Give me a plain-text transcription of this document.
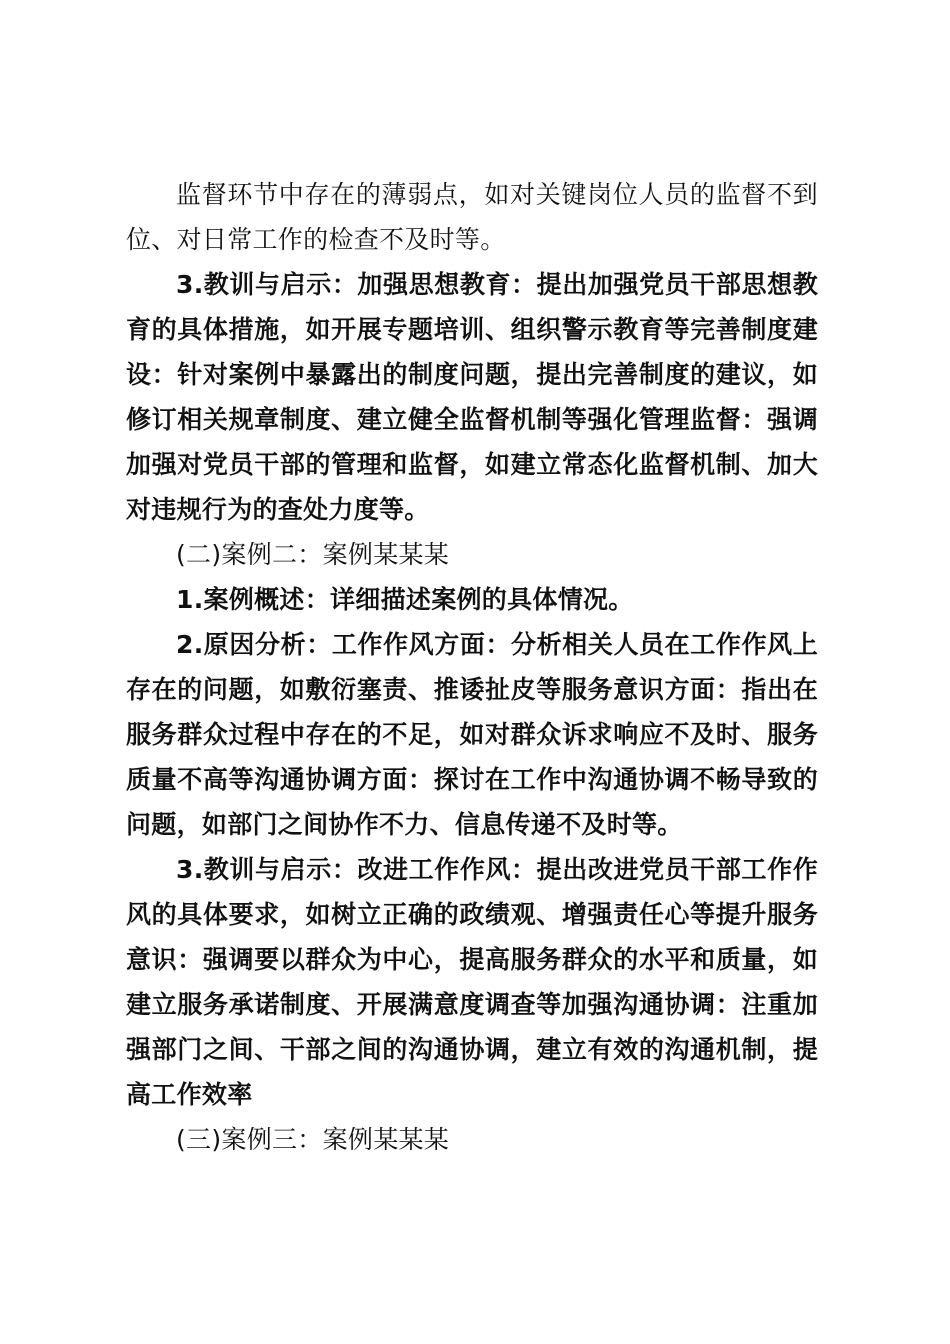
监督环节中存在的薄弱点，如对关键岗位人员的监督不到位、对日常工作的检查不及时等。

3.教训与启示：加强思想教育：提出加强党员干部思想教育的具体措施，如开展专题培训、组织警示教育等完善制度建设：针对案例中暴露出的制度问题，提出完善制度的建议，如修订相关规章制度、建立健全监督机制等强化管理监督：强调加强对党员干部的管理和监督，如建立常态化监督机制、加大对违规行为的查处力度等。

(二)案例二：案例某某某

1.案例概述：详细描述案例的具体情况。

2.原因分析：工作作风方面：分析相关人员在工作作风上存在的问题，如敷衍塞责、推诿扯皮等服务意识方面：指出在服务群众过程中存在的不足，如对群众诉求响应不及时、服务质量不高等沟通协调方面：探讨在工作中沟通协调不畅导致的问题，如部门之间协作不力、信息传递不及时等。

3.教训与启示：改进工作作风：提出改进党员干部工作作风的具体要求，如树立正确的政绩观、增强责任心等提升服务意识：强调要以群众为中心，提高服务群众的水平和质量，如建立服务承诺制度、开展满意度调查等加强沟通协调：注重加强部门之间、干部之间的沟通协调，建立有效的沟通机制，提高工作效率

(三)案例三：案例某某某
